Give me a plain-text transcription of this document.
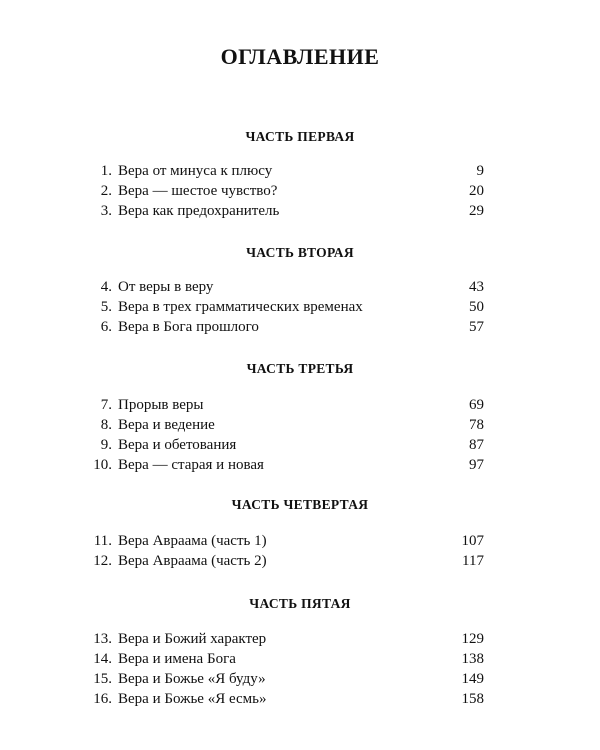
ОГЛАВЛЕНИЕ
ЧАСТЬ ПЕРВАЯ
1. Вера от минуса к плюсу	9
2. Вера — шестое чувство?	20
3. Вера как предохранитель	29
ЧАСТЬ ВТОРАЯ
4. От веры в веру	43
5. Вера в трех грамматических временах	50
6. Вера в Бога прошлого	57
ЧАСТЬ ТРЕТЬЯ
7. Прорыв веры	69
8. Вера и ведение	78
9. Вера и обетования	87
10. Вера — старая и новая	97
ЧАСТЬ ЧЕТВЕРТАЯ
11. Вера Авраама (часть 1)	107
12. Вера Авраама (часть 2)	117
ЧАСТЬ ПЯТАЯ
13. Вера и Божий характер	129
14. Вера и имена Бога	138
15. Вера и Божье «Я буду»	149
16. Вера и Божье «Я есмь»	158
